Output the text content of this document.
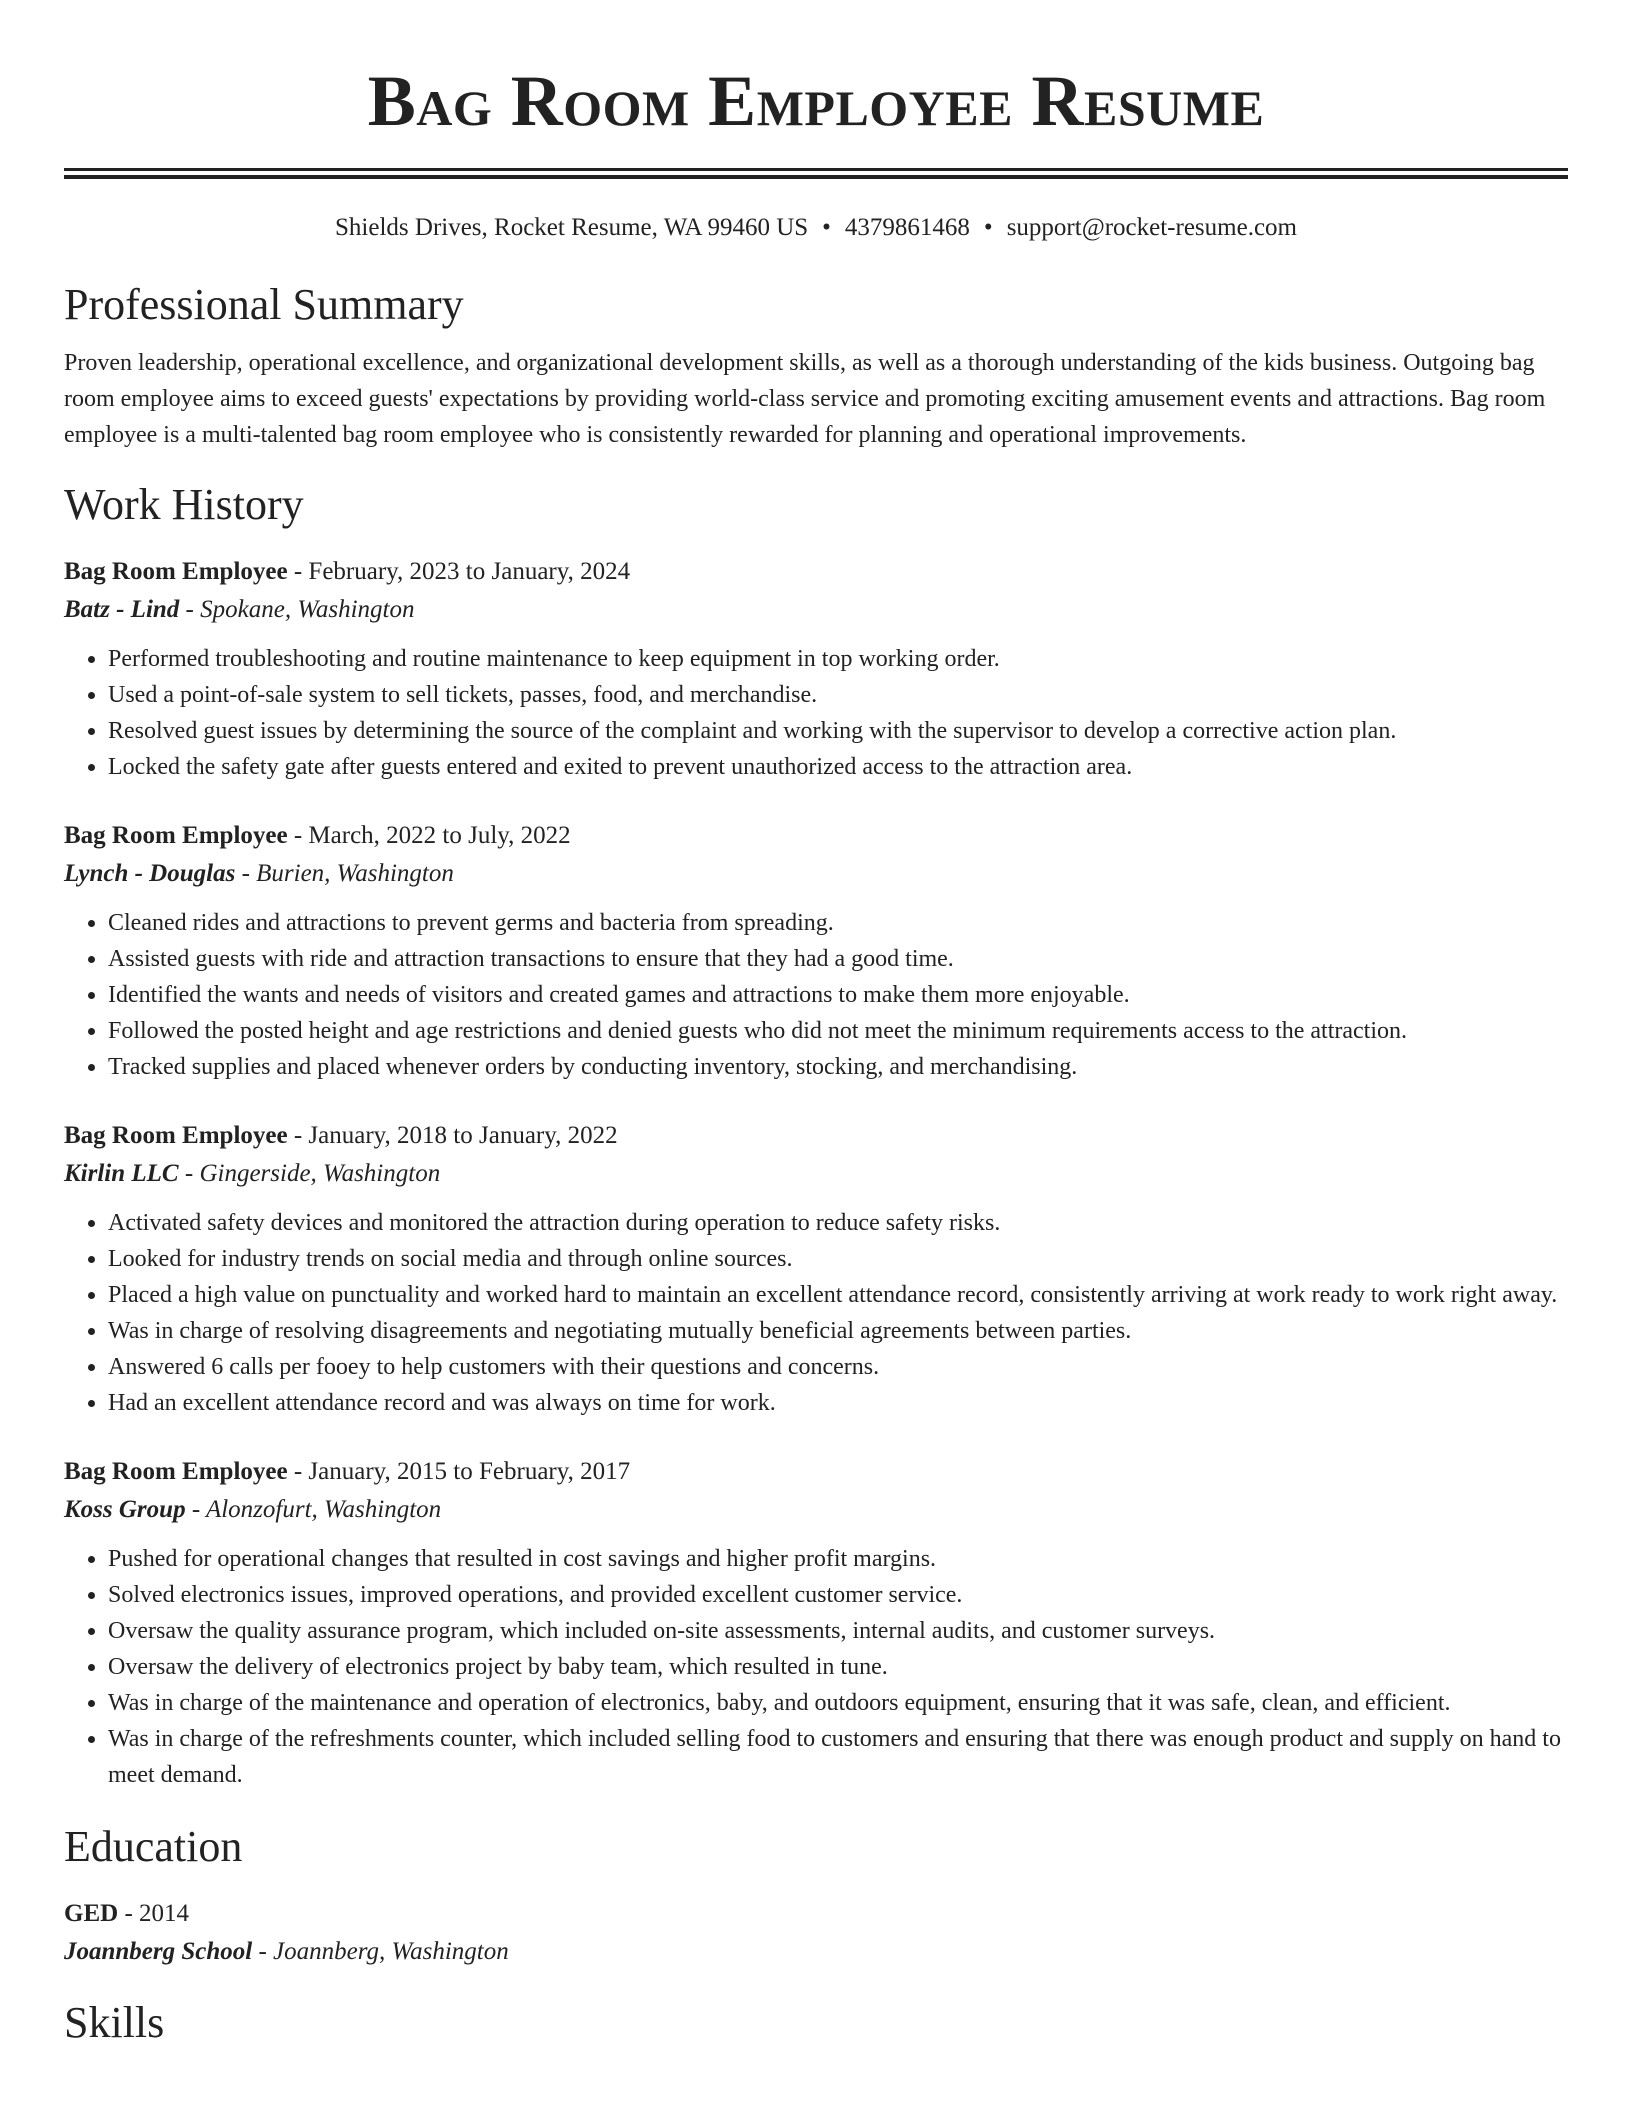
Bag Room Employee Resume
Shields Drives, Rocket Resume, WA 99460 US • 4379861468 • support@rocket-resume.com
Professional Summary
Proven leadership, operational excellence, and organizational development skills, as well as a thorough understanding of the kids business. Outgoing bag room employee aims to exceed guests' expectations by providing world-class service and promoting exciting amusement events and attractions. Bag room employee is a multi-talented bag room employee who is consistently rewarded for planning and operational improvements.
Work History
Bag Room Employee - February, 2023 to January, 2024
Batz - Lind - Spokane, Washington
• Performed troubleshooting and routine maintenance to keep equipment in top working order.
• Used a point-of-sale system to sell tickets, passes, food, and merchandise.
• Resolved guest issues by determining the source of the complaint and working with the supervisor to develop a corrective action plan.
• Locked the safety gate after guests entered and exited to prevent unauthorized access to the attraction area.
Bag Room Employee - March, 2022 to July, 2022
Lynch - Douglas - Burien, Washington
• Cleaned rides and attractions to prevent germs and bacteria from spreading.
• Assisted guests with ride and attraction transactions to ensure that they had a good time.
• Identified the wants and needs of visitors and created games and attractions to make them more enjoyable.
• Followed the posted height and age restrictions and denied guests who did not meet the minimum requirements access to the attraction.
• Tracked supplies and placed whenever orders by conducting inventory, stocking, and merchandising.
Bag Room Employee - January, 2018 to January, 2022
Kirlin LLC - Gingerside, Washington
• Activated safety devices and monitored the attraction during operation to reduce safety risks.
• Looked for industry trends on social media and through online sources.
• Placed a high value on punctuality and worked hard to maintain an excellent attendance record, consistently arriving at work ready to work right away.
• Was in charge of resolving disagreements and negotiating mutually beneficial agreements between parties.
• Answered 6 calls per fooey to help customers with their questions and concerns.
• Had an excellent attendance record and was always on time for work.
Bag Room Employee - January, 2015 to February, 2017
Koss Group - Alonzofurt, Washington
• Pushed for operational changes that resulted in cost savings and higher profit margins.
• Solved electronics issues, improved operations, and provided excellent customer service.
• Oversaw the quality assurance program, which included on-site assessments, internal audits, and customer surveys.
• Oversaw the delivery of electronics project by baby team, which resulted in tune.
• Was in charge of the maintenance and operation of electronics, baby, and outdoors equipment, ensuring that it was safe, clean, and efficient.
• Was in charge of the refreshments counter, which included selling food to customers and ensuring that there was enough product and supply on hand to meet demand.
Education
GED - 2014
Joannberg School - Joannberg, Washington
Skills
